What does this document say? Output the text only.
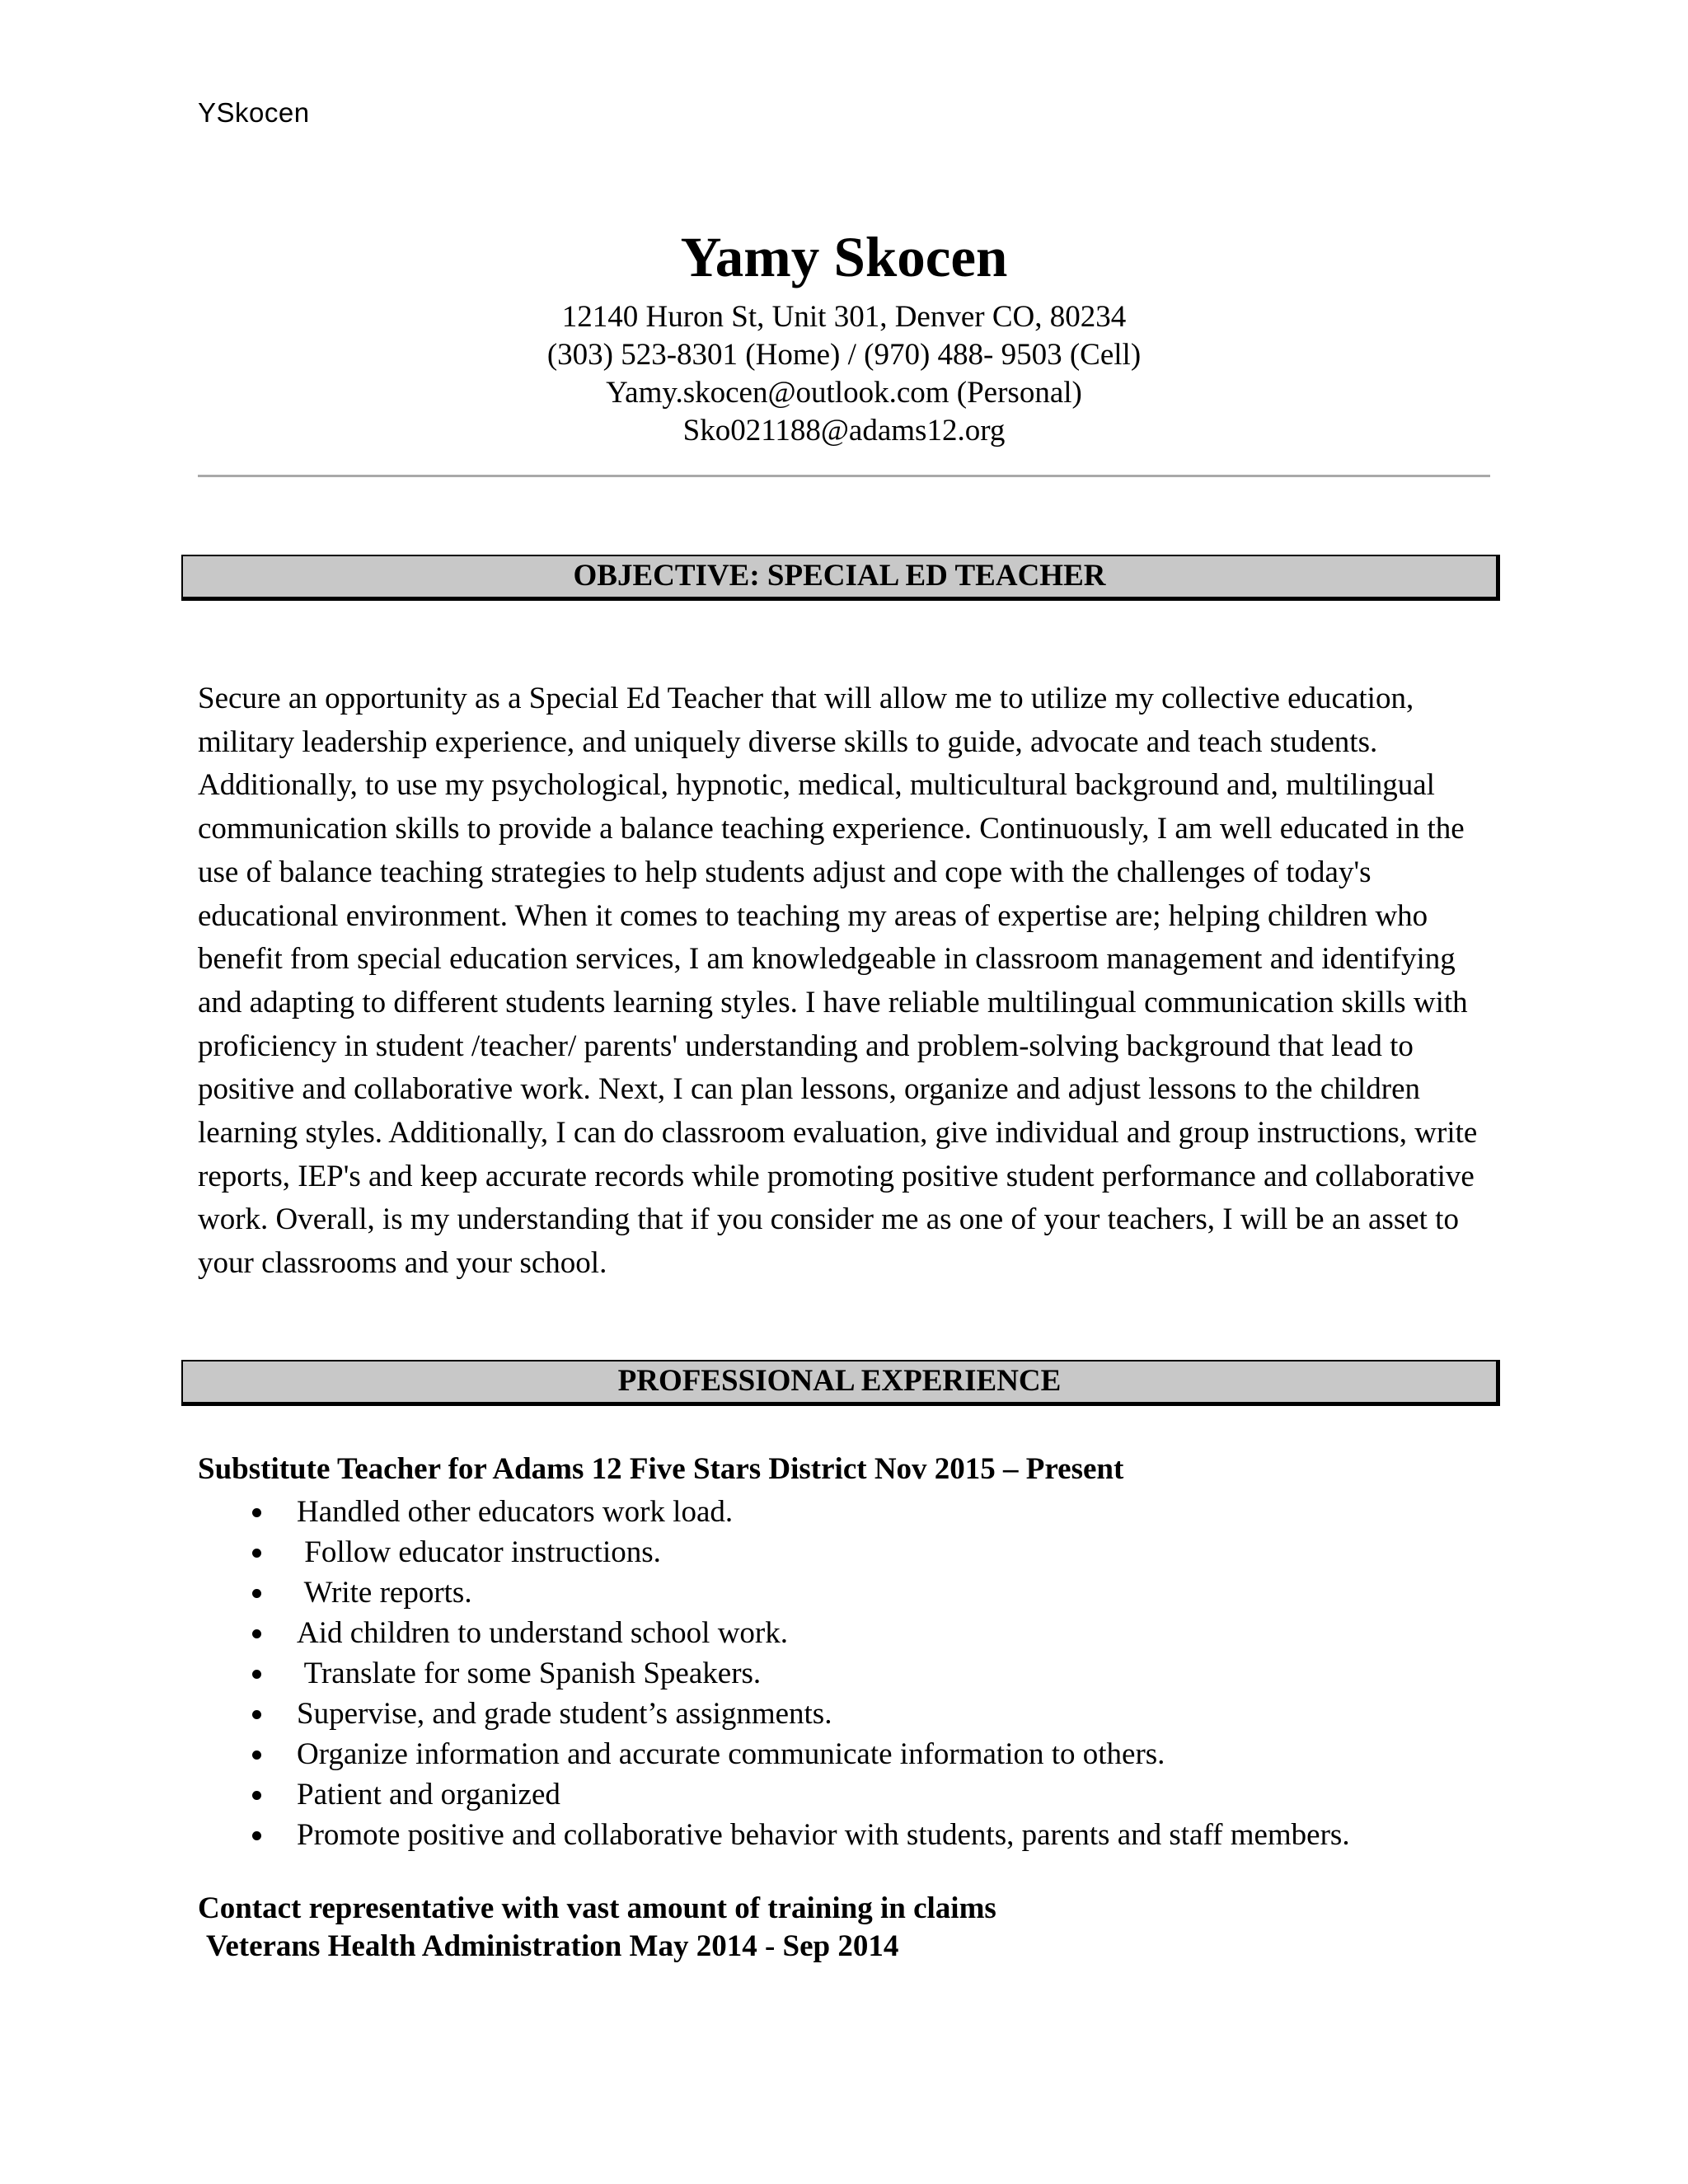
YSkocen
Yamy Skocen
12140 Huron St, Unit 301, Denver CO, 80234
(303) 523-8301 (Home) / (970) 488- 9503 (Cell)
Yamy.skocen@outlook.com (Personal)
Sko021188@adams12.org
OBJECTIVE: SPECIAL ED TEACHER

Secure an opportunity as a Special Ed Teacher that will allow me to utilize my collective education, military leadership experience, and uniquely diverse skills to guide, advocate and teach students. Additionally, to use my psychological, hypnotic, medical, multicultural background and, multilingual communication skills to provide a balance teaching experience. Continuously, I am well educated in the use of balance teaching strategies to help students adjust and cope with the challenges of today's educational environment. When it comes to teaching my areas of expertise are; helping children who benefit from special education services, I am knowledgeable in classroom management and identifying and adapting to different students learning styles. I have reliable multilingual communication skills with proficiency in student /teacher/ parents' understanding and problem-solving background that lead to positive and collaborative work. Next, I can plan lessons, organize and adjust lessons to the children learning styles. Additionally, I can do classroom evaluation, give individual and group instructions, write reports, IEP's and keep accurate records while promoting positive student performance and collaborative work. Overall, is my understanding that if you consider me as one of your teachers, I will be an asset to your classrooms and your school.

PROFESSIONAL EXPERIENCE
Substitute Teacher for Adams 12 Five Stars District Nov 2015 – Present
Handled other educators work load.
Follow educator instructions.
Write reports.
Aid children to understand school work.
Translate for some Spanish Speakers.
Supervise, and grade student’s assignments.
Organize information and accurate communicate information to others.
Patient and organized
Promote positive and collaborative behavior with students, parents and staff members.
Contact representative with vast amount of training in claims
Veterans Health Administration May 2014 - Sep 2014
